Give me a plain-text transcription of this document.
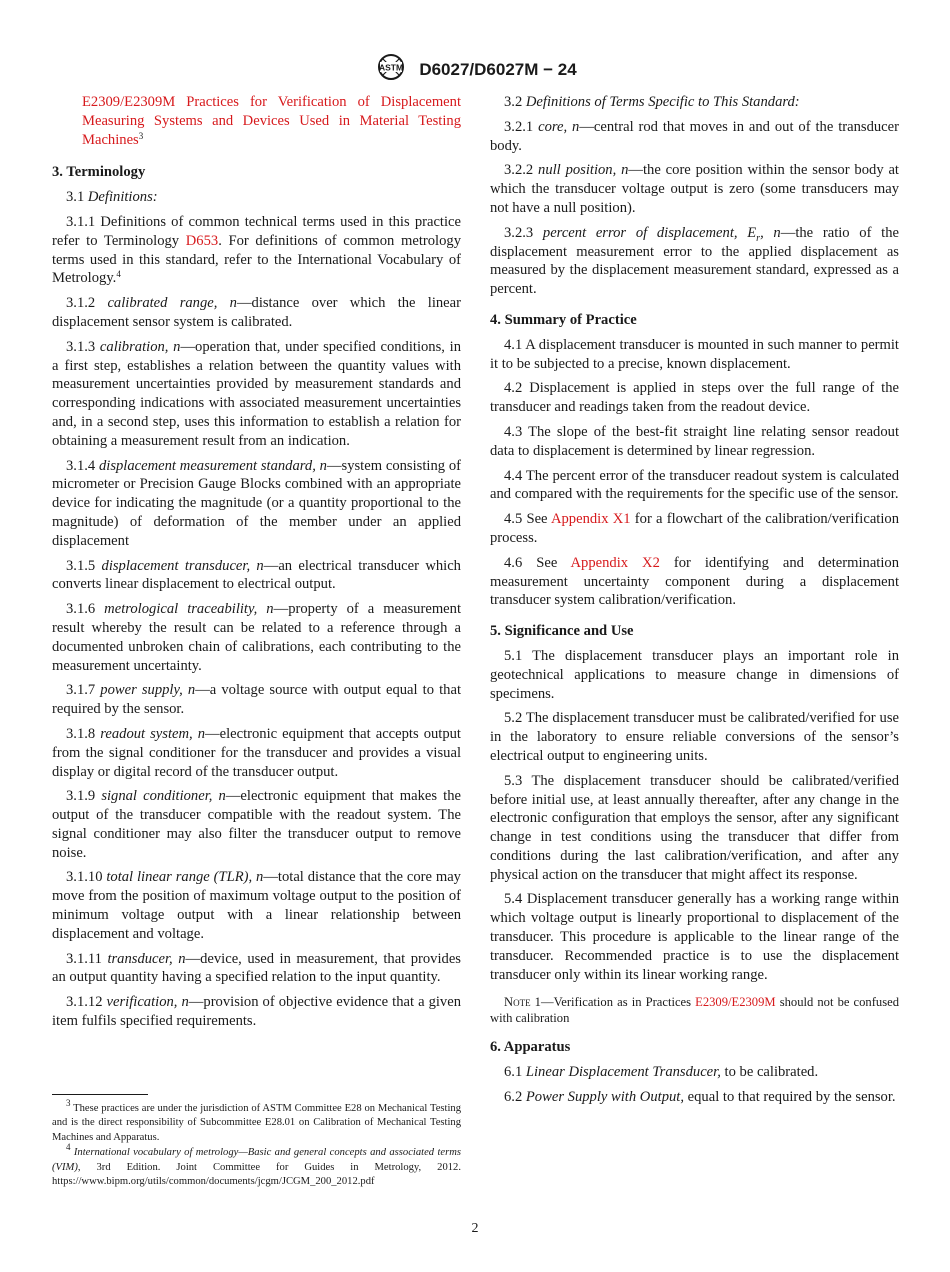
ASTM D6027/D6027M − 24

E2309/E2309M Practices for Verification of Displacement Measuring Systems and Devices Used in Material Testing Machines$^3$

3. Terminology

3.1 Definitions:

3.1.1 Definitions of common technical terms used in this practice refer to Terminology D653. For definitions of common metrology terms used in this standard, refer to the International Vocabulary of Metrology.$^4$

3.1.2 calibrated range, n—distance over which the linear displacement sensor system is calibrated.

3.1.3 calibration, n—operation that, under specified conditions, in a first step, establishes a relation between the quantity values with measurement uncertainties provided by measurement standards and corresponding indications with associated measurement uncertainties and, in a second step, uses this information to establish a relation for obtaining a measurement result from an indication.

3.1.4 displacement measurement standard, n—system consisting of micrometer or Precision Gauge Blocks combined with an appropriate device for indicating the magnitude (or a quantity proportional to the magnitude) of deformation of the member under an applied displacement

3.1.5 displacement transducer, n—an electrical transducer which converts linear displacement to electrical output.

3.1.6 metrological traceability, n—property of a measurement result whereby the result can be related to a reference through a documented unbroken chain of calibrations, each contributing to the measurement uncertainty.

3.1.7 power supply, n—a voltage source with output equal to that required by the sensor.

3.1.8 readout system, n—electronic equipment that accepts output from the signal conditioner for the transducer and provides a visual display or digital record of the transducer output.

3.1.9 signal conditioner, n—electronic equipment that makes the output of the transducer compatible with the readout system. The signal conditioner may also filter the transducer output to remove noise.

3.1.10 total linear range (TLR), n—total distance that the core may move from the position of maximum voltage output to the position of minimum voltage output with a linear relationship between displacement and voltage.

3.1.11 transducer, n—device, used in measurement, that provides an output quantity having a specified relation to the input quantity.

3.1.12 verification, n—provision of objective evidence that a given item fulfils specified requirements.

$^3$ These practices are under the jurisdiction of ASTM Committee E28 on Mechanical Testing and is the direct responsibility of Subcommittee E28.01 on Calibration of Mechanical Testing Machines and Apparatus.

$^4$ International vocabulary of metrology—Basic and general concepts and associated terms (VIM), 3rd Edition. Joint Committee for Guides in Metrology, 2012. https://www.bipm.org/utils/common/documents/jcgm/JCGM_200_2012.pdf

3.2 Definitions of Terms Specific to This Standard:

3.2.1 core, n—central rod that moves in and out of the transducer body.

3.2.2 null position, n—the core position within the sensor body at which the transducer voltage output is zero (some transducers may not have a null position).

3.2.3 percent error of displacement, $E_r$, n—the ratio of the displacement measurement error to the applied displacement as measured by the displacement measurement standard, expressed as a percent.

4. Summary of Practice

4.1 A displacement transducer is mounted in such manner to permit it to be subjected to a precise, known displacement.

4.2 Displacement is applied in steps over the full range of the transducer and readings taken from the readout device.

4.3 The slope of the best-fit straight line relating sensor readout data to displacement is determined by linear regression.

4.4 The percent error of the transducer readout system is calculated and compared with the requirements for the specific use of the sensor.

4.5 See Appendix X1 for a flowchart of the calibration/verification process.

4.6 See Appendix X2 for identifying and determination measurement uncertainty component during a displacement transducer system calibration/verification.

5. Significance and Use

5.1 The displacement transducer plays an important role in geotechnical applications to measure change in dimensions of specimens.

5.2 The displacement transducer must be calibrated/verified for use in the laboratory to ensure reliable conversions of the sensor’s electrical output to engineering units.

5.3 The displacement transducer should be calibrated/verified before initial use, at least annually thereafter, after any change in the electronic configuration that employs the sensor, after any significant change in test conditions using the transducer that differ from conditions during the last calibration/verification, and after any physical action on the transducer that might affect its response.

5.4 Displacement transducer generally has a working range within which voltage output is linearly proportional to displacement of the transducer. This procedure is applicable to the linear range of the transducer. Recommended practice is to use the displacement transducer only within its linear working range.

Note 1—Verification as in Practices E2309/E2309M should not be confused with calibration

6. Apparatus

6.1 Linear Displacement Transducer, to be calibrated.

6.2 Power Supply with Output, equal to that required by the sensor.

2
